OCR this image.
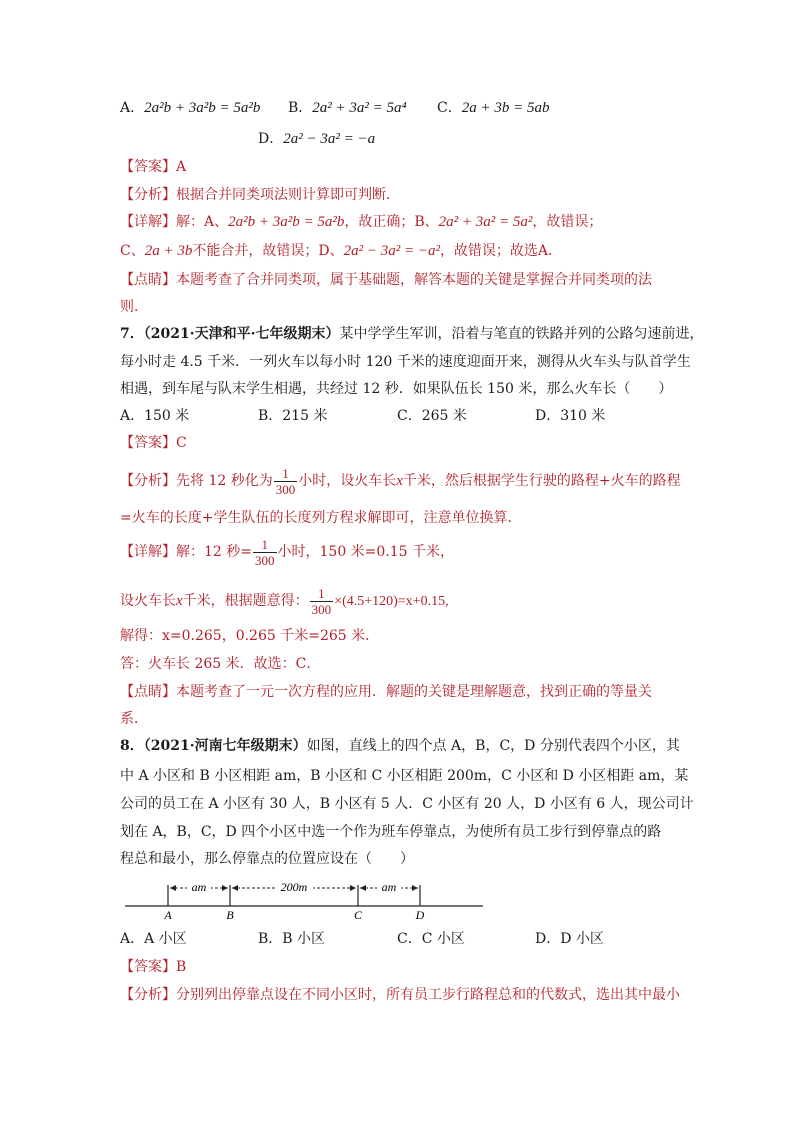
A．2a²b + 3a²b = 5a²b B．2a² + 3a² = 5a⁴ C．2a + 3b = 5ab
D．2a² − 3a² = −a
【答案】A
【分析】根据合并同类项法则计算即可判断．
【详解】解：A、2a²b + 3a²b = 5a²b，故正确；B、2a² + 3a² = 5a²，故错误；
C、2a + 3b不能合并，故错误；D、2a² − 3a² = −a²，故错误；故选A．
【点睛】本题考查了合并同类项，属于基础题，解答本题的关键是掌握合并同类项的法
则．
7．（2021·天津和平·七年级期末）某中学学生军训，沿着与笔直的铁路并列的公路匀速前进，
每小时走 4.5 千米．一列火车以每小时 120 千米的速度迎面开来，测得从火车头与队首学生
相遇，到车尾与队末学生相遇，共经过 12 秒．如果队伍长 150 米，那么火车长（　　）
A．150 米	B．215 米	C．265 米	D．310 米
【答案】C
【分析】先将 12 秒化为 $\frac{1}{300}$ 小时，设火车长x千米，然后根据学生行驶的路程+火车的路程
=火车的长度+学生队伍的长度列方程求解即可，注意单位换算．
【详解】解：12 秒= $\frac{1}{300}$ 小时，150 米=0.15 千米，
设火车长x千米，根据题意得： $\frac{1}{300} \times(4.5+120)=x+0.15$,
解得：x=0.265，0.265 千米=265 米．
答：火车长 265 米．故选：C．
【点睛】本题考查了一元一次方程的应用．解题的关键是理解题意，找到正确的等量关
系．
8．（2021·河南七年级期末）如图，直线上的四个点 A，B，C，D 分别代表四个小区，其
中 A 小区和 B 小区相距 am，B 小区和 C 小区相距 200m，C 小区和 D 小区相距 am，某
公司的员工在 A 小区有 30 人，B 小区有 5 人．C 小区有 20 人，D 小区有 6 人，现公司计
划在 A，B，C，D 四个小区中选一个作为班车停靠点，为使所有员工步行到停靠点的路
程总和最小，那么停靠点的位置应设在（　　）
am	200m	am
A	B	C	D
A．A 小区	B．B 小区	C．C 小区	D．D 小区
【答案】B
【分析】分别列出停靠点设在不同小区时，所有员工步行路程总和的代数式，选出其中最小
